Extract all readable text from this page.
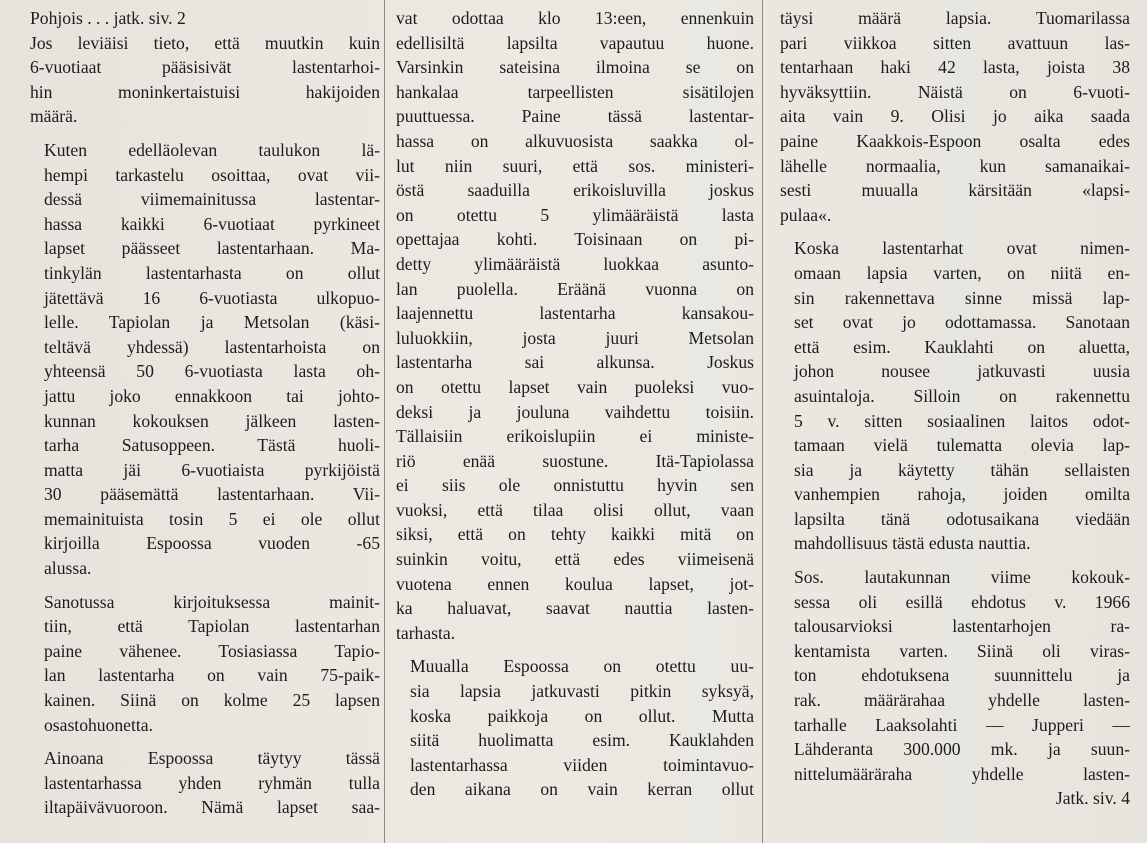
Pohjois . . . jatk. siv. 2

Jos leviäisi tieto, että muutkin kuin
6-vuotiaat pääsisivät lastentarhoi-
hin moninkertaistuisi hakijoiden
määrä.

Kuten edelläolevan taulukon lä-
hempi tarkastelu osoittaa, ovat vii-
dessä viimemainitussa lastentar-
hassa kaikki 6-vuotiaat pyrkineet
lapset päässeet lastentarhaan. Ma-
tinkylän lastentarhasta on ollut
jätettävä 16 6-vuotiasta ulkopuo-
lelle. Tapiolan ja Metsolan (käsi-
teltävä yhdessä) lastentarhoista on
yhteensä 50 6-vuotiasta lasta oh-
jattu joko ennakkoon tai johto-
kunnan kokouksen jälkeen lasten-
tarha Satusoppeen. Tästä huoli-
matta jäi 6-vuotiaista pyrkijöistä
30 pääsemättä lastentarhaan. Vii-
memainituista tosin 5 ei ole ollut
kirjoilla Espoossa vuoden -65
alussa.

Sanotussa kirjoituksessa mainit-
tiin, että Tapiolan lastentarhan
paine vähenee. Tosiasiassa Tapio-
lan lastentarha on vain 75-paik-
kainen. Siinä on kolme 25 lapsen
osastohuonetta.

Ainoana Espoossa täytyy tässä
lastentarhassa yhden ryhmän tulla
iltapäivävuoroon. Nämä lapset saa-

vat odottaa klo 13:een, ennenkuin
edellisiltä lapsilta vapautuu huone.
Varsinkin sateisina ilmoina se on
hankalaa tarpeellisten sisätilojen
puuttuessa. Paine tässä lastentar-
hassa on alkuvuosista saakka ol-
lut niin suuri, että sos. ministeri-
östä saaduilla erikoisluvilla joskus
on otettu 5 ylimääräistä lasta
opettajaa kohti. Toisinaan on pi-
detty ylimääräistä luokkaa asunto-
lan puolella. Eräänä vuonna on
laajennettu lastentarha kansakou-
luluokkiin, josta juuri Metsolan
lastentarha sai alkunsa. Joskus
on otettu lapset vain puoleksi vuo-
deksi ja jouluna vaihdettu toisiin.
Tällaisiin erikoislupiin ei ministe-
riö enää suostune. Itä-Tapiolassa
ei siis ole onnistuttu hyvin sen
vuoksi, että tilaa olisi ollut, vaan
siksi, että on tehty kaikki mitä on
suinkin voitu, että edes viimeisenä
vuotena ennen koulua lapset, jot-
ka haluavat, saavat nauttia lasten-
tarhasta.

Muualla Espoossa on otettu uu-
sia lapsia jatkuvasti pitkin syksyä,
koska paikkoja on ollut. Mutta
siitä huolimatta esim. Kauklahden
lastentarhassa viiden toimintavuo-
den aikana on vain kerran ollut

täysi määrä lapsia. Tuomarilassa
pari viikkoa sitten avattuun las-
tentarhaan haki 42 lasta, joista 38
hyväksyttiin. Näistä on 6-vuoti-
aita vain 9. Olisi jo aika saada
paine Kaakkois-Espoon osalta edes
lähelle normaalia, kun samanaikai-
sesti muualla kärsitään «lapsi-
pulaa«.

Koska lastentarhat ovat nimen-
omaan lapsia varten, on niitä en-
sin rakennettava sinne missä lap-
set ovat jo odottamassa. Sanotaan
että esim. Kauklahti on aluetta,
johon nousee jatkuvasti uusia
asuintaloja. Silloin on rakennettu
5 v. sitten sosiaalinen laitos odot-
tamaan vielä tulematta olevia lap-
sia ja käytetty tähän sellaisten
vanhempien rahoja, joiden omilta
lapsilta tänä odotusaikana viedään
mahdollisuus tästä edusta nauttia.

Sos. lautakunnan viime kokouk-
sessa oli esillä ehdotus v. 1966
talousarvioksi lastentarhojen ra-
kentamista varten. Siinä oli viras-
ton ehdotuksena suunnittelu ja
rak. määrärahaa yhdelle lasten-
tarhalle Laaksolahti — Jupperi —
Lähderanta 300.000 mk. ja suun-
nittelumääräraha yhdelle lasten-

Jatk. siv. 4
